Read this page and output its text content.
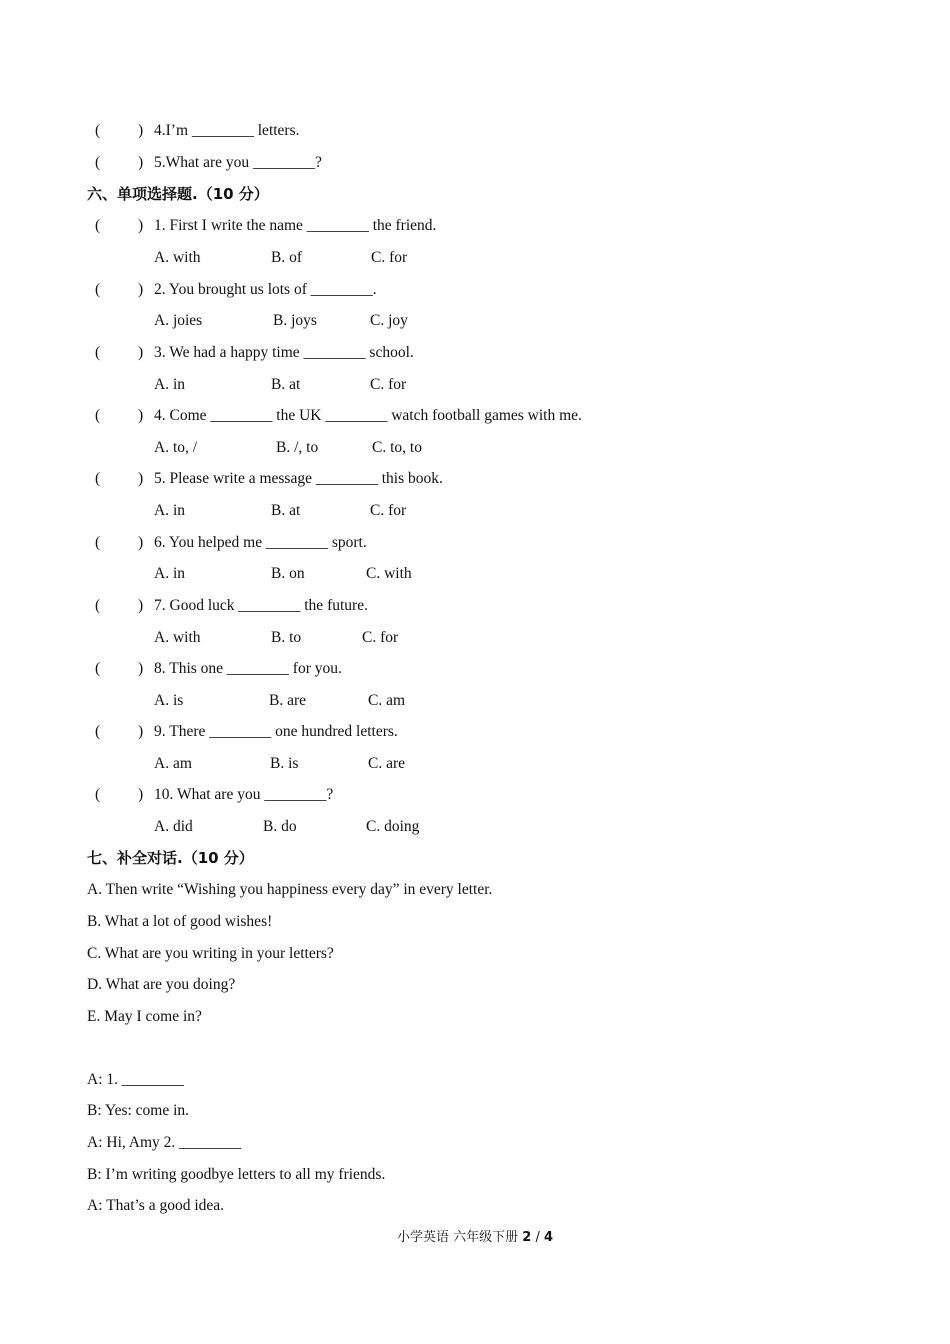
( ) 4.I’m ________ letters.
( ) 5.What are you ________?
六、单项选择题.（10 分）
( ) 1. First I write the name ________ the friend.
A. with	B. of	C. for
( ) 2. You brought us lots of ________.
A. joies	B. joys	C. joy
( ) 3. We had a happy time ________ school.
A. in	B. at	C. for
( ) 4. Come ________ the UK ________ watch football games with me.
A. to, /	B. /, to	C. to, to
( ) 5. Please write a message ________ this book.
A. in	B. at	C. for
( ) 6. You helped me ________ sport.
A. in	B. on	C. with
( ) 7. Good luck ________ the future.
A. with	B. to	C. for
( ) 8. This one ________ for you.
A. is	B. are	C. am
( ) 9. There ________ one hundred letters.
A. am	B. is	C. are
( ) 10. What are you ________?
A. did	B. do	C. doing
七、补全对话.（10 分）
A. Then write “Wishing you happiness every day” in every letter.
B. What a lot of good wishes!
C. What are you writing in your letters?
D. What are you doing?
E. May I come in?
A: 1. ________
B: Yes: come in.
A: Hi, Amy 2. ________
B: I’m writing goodbye letters to all my friends.
A: That’s a good idea.
小学英语 六年级下册 2 / 4
